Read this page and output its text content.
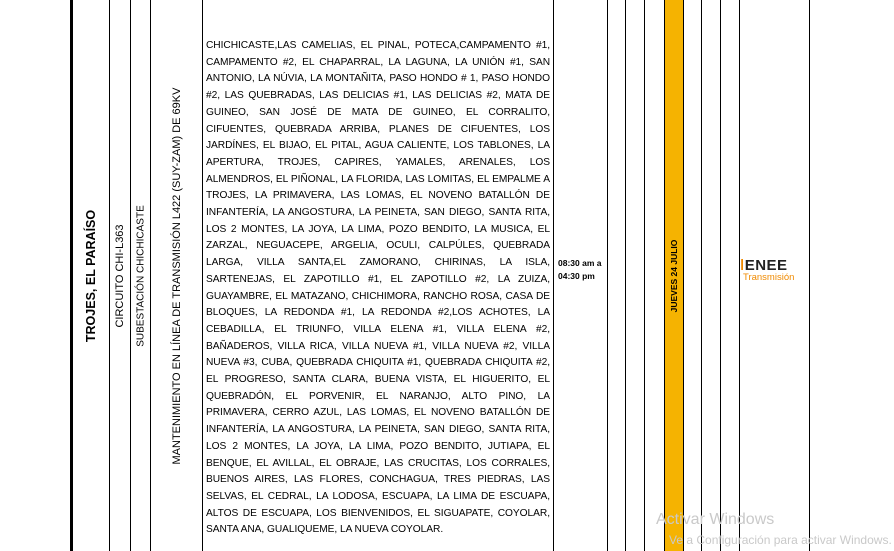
TROJES, EL PARAÍSO CIRCUITO CHI-L363 SUBESTACIÓN CHICHICASTE MANTENIMIENTO EN LÍNEA DE TRANSMISIÓN L422 (SUY-ZAM) DE 69KV
CHICHICASTE,LAS CAMELIAS, EL PINAL, POTECA,CAMPAMENTO #1, CAMPAMENTO #2, EL CHAPARRAL, LA LAGUNA, LA UNIÓN #1, SAN ANTONIO, LA NÚVIA, LA MONTAÑITA, PASO HONDO # 1, PASO HONDO #2, LAS QUEBRADAS, LAS DELICIAS #1, LAS DELICIAS #2, MATA DE GUINEO, SAN JOSÉ DE MATA DE GUINEO, EL CORRALITO, CIFUENTES, QUEBRADA ARRIBA, PLANES DE CIFUENTES, LOS JARDÍNES, EL BIJAO, EL PITAL, AGUA CALIENTE, LOS TABLONES, LA APERTURA, TROJES, CAPIRES, YAMALES, ARENALES, LOS ALMENDROS, EL PIÑONAL, LA FLORIDA, LAS LOMITAS, EL EMPALME A TROJES, LA PRIMAVERA, LAS LOMAS, EL NOVENO BATALLÓN DE INFANTERÍA, LA ANGOSTURA, LA PEINETA, SAN DIEGO, SANTA RITA, LOS 2 MONTES, LA JOYA, LA LIMA, POZO BENDITO, LA MUSICA, EL ZARZAL, NEGUACEPE, ARGELIA, OCULI, CALPÚLES, QUEBRADA LARGA, VILLA SANTA,EL ZAMORANO, CHIRINAS, LA ISLA, SARTENEJAS, EL ZAPOTILLO #1, EL ZAPOTILLO #2, LA ZUIZA, GUAYAMBRE, EL MATAZANO, CHICHIMORA, RANCHO ROSA, CASA DE BLOQUES, LA REDONDA #1, LA REDONDA #2,LOS ACHOTES, LA CEBADILLA, EL TRIUNFO, VILLA ELENA #1, VILLA ELENA #2, BAÑADEROS, VILLA RICA, VILLA NUEVA #1, VILLA NUEVA #2, VILLA NUEVA #3, CUBA, QUEBRADA CHIQUITA #1, QUEBRADA CHIQUITA #2, EL PROGRESO, SANTA CLARA, BUENA VISTA, EL HIGUERITO, EL QUEBRADÓN, EL PORVENIR, EL NARANJO, ALTO PINO, LA PRIMAVERA, CERRO AZUL, LAS LOMAS, EL NOVENO BATALLÓN DE INFANTERÍA, LA ANGOSTURA, LA PEINETA, SAN DIEGO, SANTA RITA, LOS 2 MONTES, LA JOYA, LA LIMA, POZO BENDITO, JUTIAPA, EL BENQUE, EL AVILLAL, EL OBRAJE, LAS CRUCITAS, LOS CORRALES, BUENOS AIRES, LAS FLORES, CONCHAGUA, TRES PIEDRAS, LAS SELVAS, EL CEDRAL, LA LODOSA, ESCUAPA, LA LIMA DE ESCUAPA, ALTOS DE ESCUAPA, LOS BIENVENIDOS, EL SIGUAPATE, COYOLAR, SANTA ANA, GUALIQUEME, LA NUEVA COYOLAR.
08:30 am a
04:30 pm	JUEVES 24 JULIO	ǀENEE
Transmisión
Activar Windows
Ve a Configuración para activar Windows.
